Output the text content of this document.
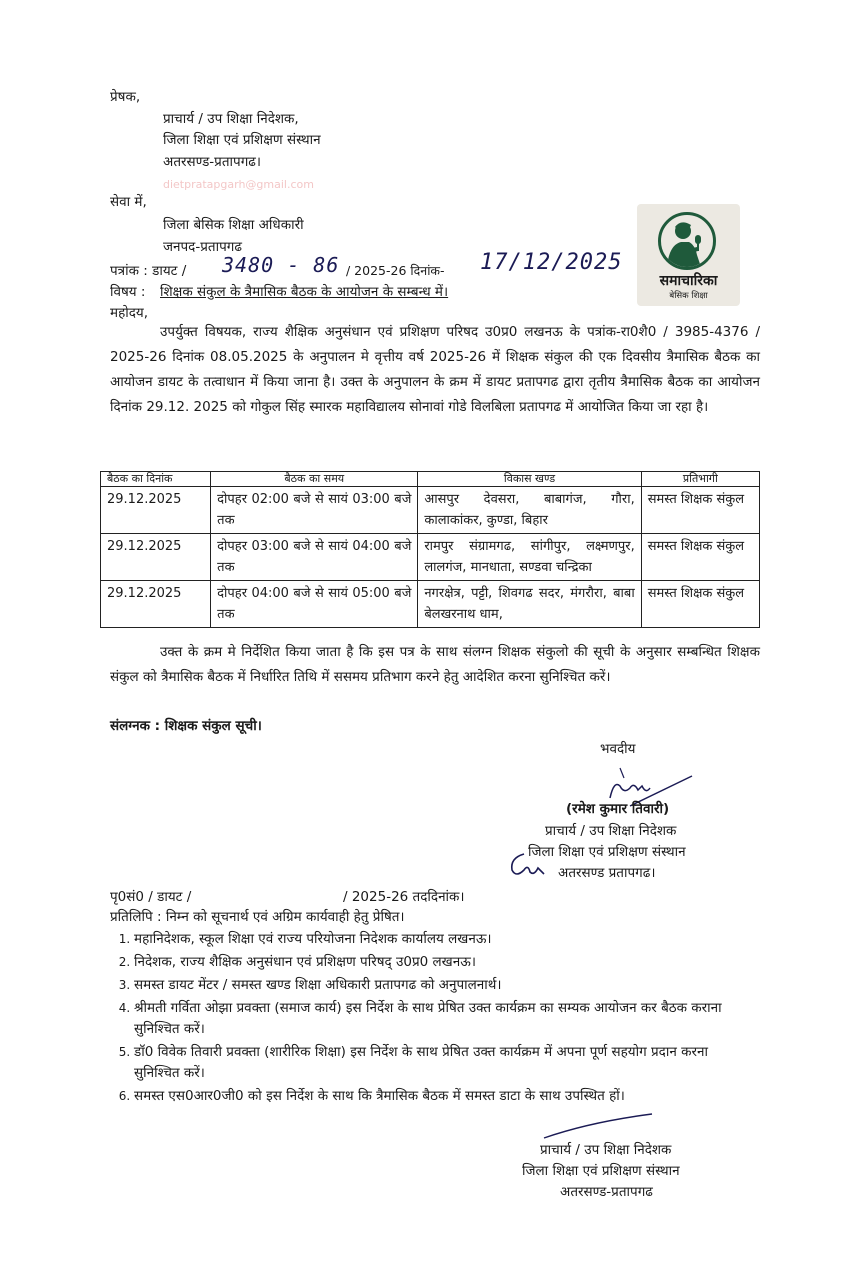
प्रेषक,
प्राचार्य / उप शिक्षा निदेशक,
जिला शिक्षा एवं प्रशिक्षण संस्थान
अतरसण्ड-प्रतापगढ।
dietpratapgarh@gmail.com
सेवा में,
जिला बेसिक शिक्षा अधिकारी
जनपद-प्रतापगढ
समाचारिका
बेसिक शिक्षा
पत्रांक : डायट / 3480 - 86 / 2025-26 दिनांक- 17/12/2025
विषय : शिक्षक संकुल के त्रैमासिक बैठक के आयोजन के सम्बन्ध में।
महोदय,
उपर्युक्त विषयक, राज्य शैक्षिक अनुसंधान एवं प्रशिक्षण परिषद उ0प्र0 लखनऊ के पत्रांक-रा0शै0 / 3985-4376 / 2025-26 दिनांक 08.05.2025 के अनुपालन मे वृत्तीय वर्ष 2025-26 में शिक्षक संकुल की एक दिवसीय त्रैमासिक बैठक का आयोजन डायट के तत्वाधान में किया जाना है। उक्त के अनुपालन के क्रम में डायट प्रतापगढ द्वारा तृतीय त्रैमासिक बैठक का आयोजन दिनांक 29.12. 2025 को गोकुल सिंह स्मारक महाविद्यालय सोनावां गोडे विलबिला प्रतापगढ में आयोजित किया जा रहा है।
बैठक का दिनांक	बैठक का समय	विकास खण्ड	प्रतिभागी
29.12.2025	दोपहर 02:00 बजे से सायं 03:00 बजे तक	आसपुर देवसरा, बाबागंज, गौरा, कालाकांकर, कुण्डा, बिहार	समस्त शिक्षक संकुल
29.12.2025	दोपहर 03:00 बजे से सायं 04:00 बजे तक	रामपुर संग्रामगढ, सांगीपुर, लक्ष्मणपुर, लालगंज, मानधाता, सण्डवा चन्द्रिका	समस्त शिक्षक संकुल
29.12.2025	दोपहर 04:00 बजे से सायं 05:00 बजे तक	नगरक्षेत्र, पट्टी, शिवगढ सदर, मंगरौरा, बाबा बेलखरनाथ धाम,	समस्त शिक्षक संकुल
उक्त के क्रम मे निर्देशित किया जाता है कि इस पत्र के साथ संलग्न शिक्षक संकुलो की सूची के अनुसार सम्बन्धित शिक्षक संकुल को त्रैमासिक बैठक में निर्धारित तिथि में ससमय प्रतिभाग करने हेतु आदेशित करना सुनिश्चित करें।
संलग्नक : शिक्षक संकुल सूची।
भवदीय
(रमेश कुमार तिवारी)
प्राचार्य / उप शिक्षा निदेशक
जिला शिक्षा एवं प्रशिक्षण संस्थान
अतरसण्ड प्रतापगढ।
पृ0सं0 / डायट /	/ 2025-26 तददिनांक।
प्रतिलिपि : निम्न को सूचनार्थ एवं अग्रिम कार्यवाही हेतु प्रेषित।
1. महानिदेशक, स्कूल शिक्षा एवं राज्य परियोजना निदेशक कार्यालय लखनऊ।
2. निदेशक, राज्य शैक्षिक अनुसंधान एवं प्रशिक्षण परिषद् उ0प्र0 लखनऊ।
3. समस्त डायट मेंटर / समस्त खण्ड शिक्षा अधिकारी प्रतापगढ को अनुपालनार्थ।
4. श्रीमती गर्विता ओझा प्रवक्ता (समाज कार्य) इस निर्देश के साथ प्रेषित उक्त कार्यक्रम का सम्यक आयोजन कर बैठक कराना सुनिश्चित करें।
5. डॉ0 विवेक तिवारी प्रवक्ता (शारीरिक शिक्षा) इस निर्देश के साथ प्रेषित उक्त कार्यक्रम में अपना पूर्ण सहयोग प्रदान करना सुनिश्चित करें।
6. समस्त एस0आर0जी0 को इस निर्देश के साथ कि त्रैमासिक बैठक में समस्त डाटा के साथ उपस्थित हों।
प्राचार्य / उप शिक्षा निदेशक
जिला शिक्षा एवं प्रशिक्षण संस्थान
अतरसण्ड-प्रतापगढ
